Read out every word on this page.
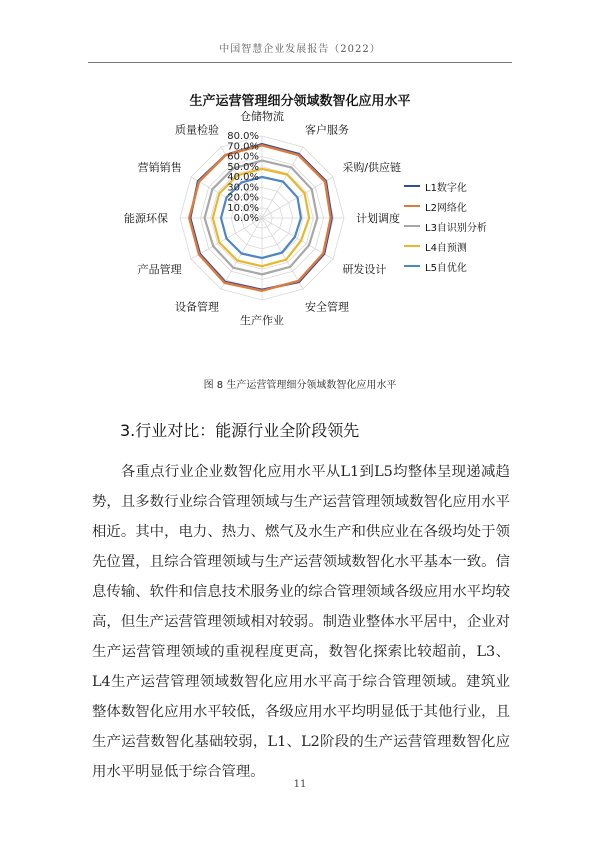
中国智慧企业发展报告（2022）
生产运营管理细分领域数智化应用水平
0.0%
10.0%
20.0%
30.0%
40.0%
50.0%
60.0%
70.0%
80.0%
仓储物流
客户服务
采购/供应链
计划调度
研发设计
安全管理
生产作业
设备管理
产品管理
能源环保
营销销售
质量检验
L1数字化
L2网络化
L3自识别分析
L4自预测
L5自优化
图 8 生产运营管理细分领域数智化应用水平
3.行业对比：能源行业全阶段领先
各重点行业企业数智化应用水平从L1到L5均整体呈现递减趋势，且多数行业综合管理领域与生产运营管理领域数智化应用水平相近。其中，电力、热力、燃气及水生产和供应业在各级均处于领先位置，且综合管理领域与生产运营领域数智化水平基本一致。信息传输、软件和信息技术服务业的综合管理领域各级应用水平均较高，但生产运营管理领域相对较弱。制造业整体水平居中，企业对生产运营管理领域的重视程度更高，数智化探索比较超前，L3、L4生产运营管理领域数智化应用水平高于综合管理领域。建筑业整体数智化应用水平较低，各级应用水平均明显低于其他行业，且生产运营数智化基础较弱，L1、L2阶段的生产运营管理数智化应用水平明显低于综合管理。
11
